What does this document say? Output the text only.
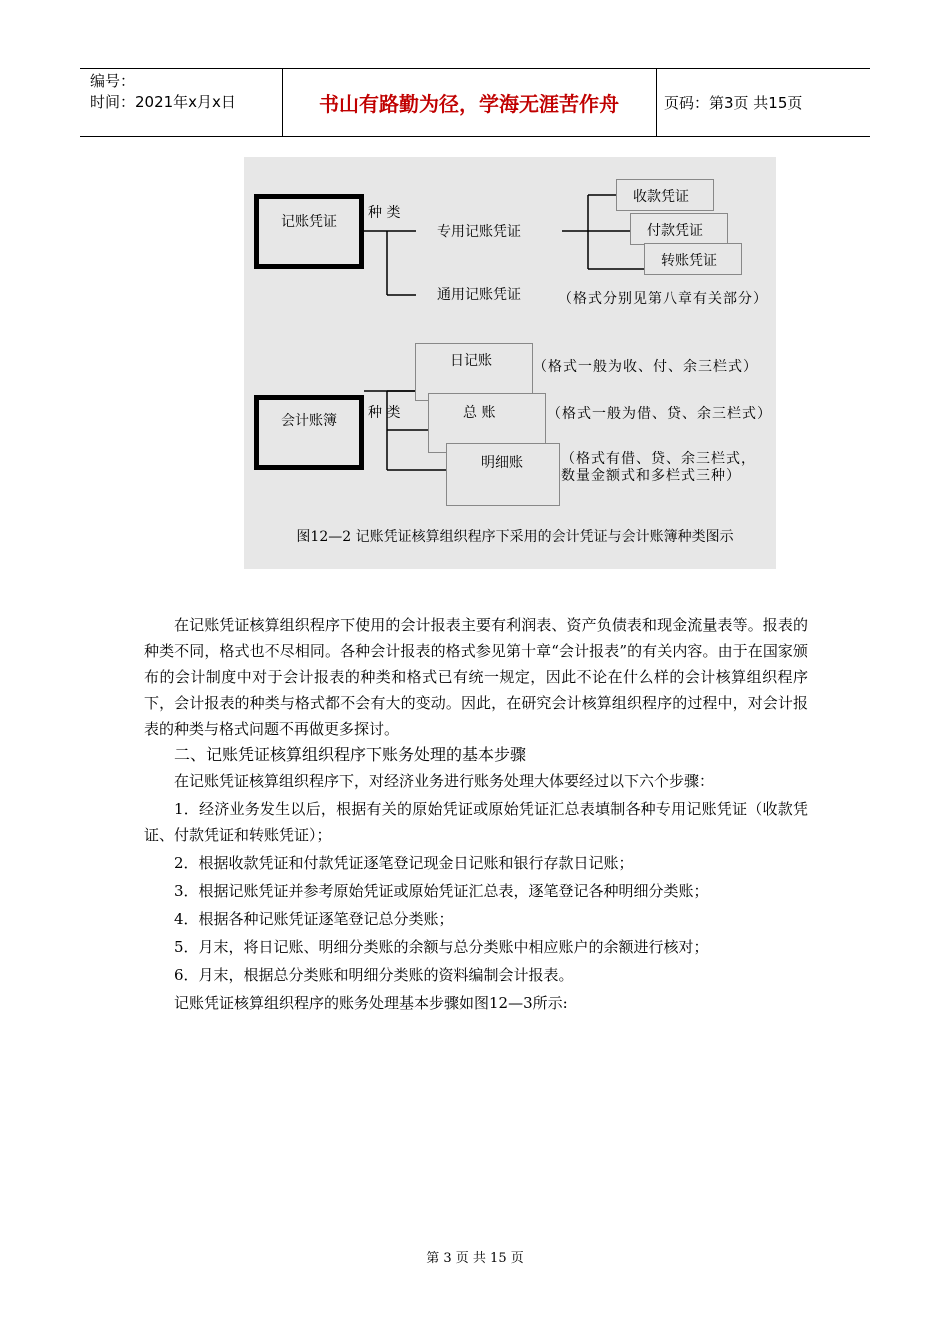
编号：
时间：2021年x月x日	书山有路勤为径，学海无涯苦作舟	页码：第3页 共15页
记账凭证
种 类
专用记账凭证
通用记账凭证
收款凭证
付款凭证
转账凭证
（格式分别见第八章有关部分）
会计账簿	种 类
日记账
总 账
明细账
（格式一般为收、付、余三栏式）
（格式一般为借、贷、余三栏式）
（格式有借、贷、余三栏式，数量金额式和多栏式三种）
图12—2 记账凭证核算组织程序下采用的会计凭证与会计账簿种类图示

在记账凭证核算组织程序下使用的会计报表主要有利润表、资产负债表和现金流量表等。报表的种类不同，格式也不尽相同。各种会计报表的格式参见第十章“会计报表”的有关内容。由于在国家颁布的会计制度中对于会计报表的种类和格式已有统一规定，因此不论在什么样的会计核算组织程序下，会计报表的种类与格式都不会有大的变动。因此，在研究会计核算组织程序的过程中，对会计报表的种类与格式问题不再做更多探讨。

二、记账凭证核算组织程序下账务处理的基本步骤

在记账凭证核算组织程序下，对经济业务进行账务处理大体要经过以下六个步骤：

1．经济业务发生以后，根据有关的原始凭证或原始凭证汇总表填制各种专用记账凭证（收款凭证、付款凭证和转账凭证）；

2．根据收款凭证和付款凭证逐笔登记现金日记账和银行存款日记账；

3．根据记账凭证并参考原始凭证或原始凭证汇总表，逐笔登记各种明细分类账；

4．根据各种记账凭证逐笔登记总分类账；

5．月末，将日记账、明细分类账的余额与总分类账中相应账户的余额进行核对；

6．月末，根据总分类账和明细分类账的资料编制会计报表。

记账凭证核算组织程序的账务处理基本步骤如图12—3所示:

第 3 页 共 15 页
